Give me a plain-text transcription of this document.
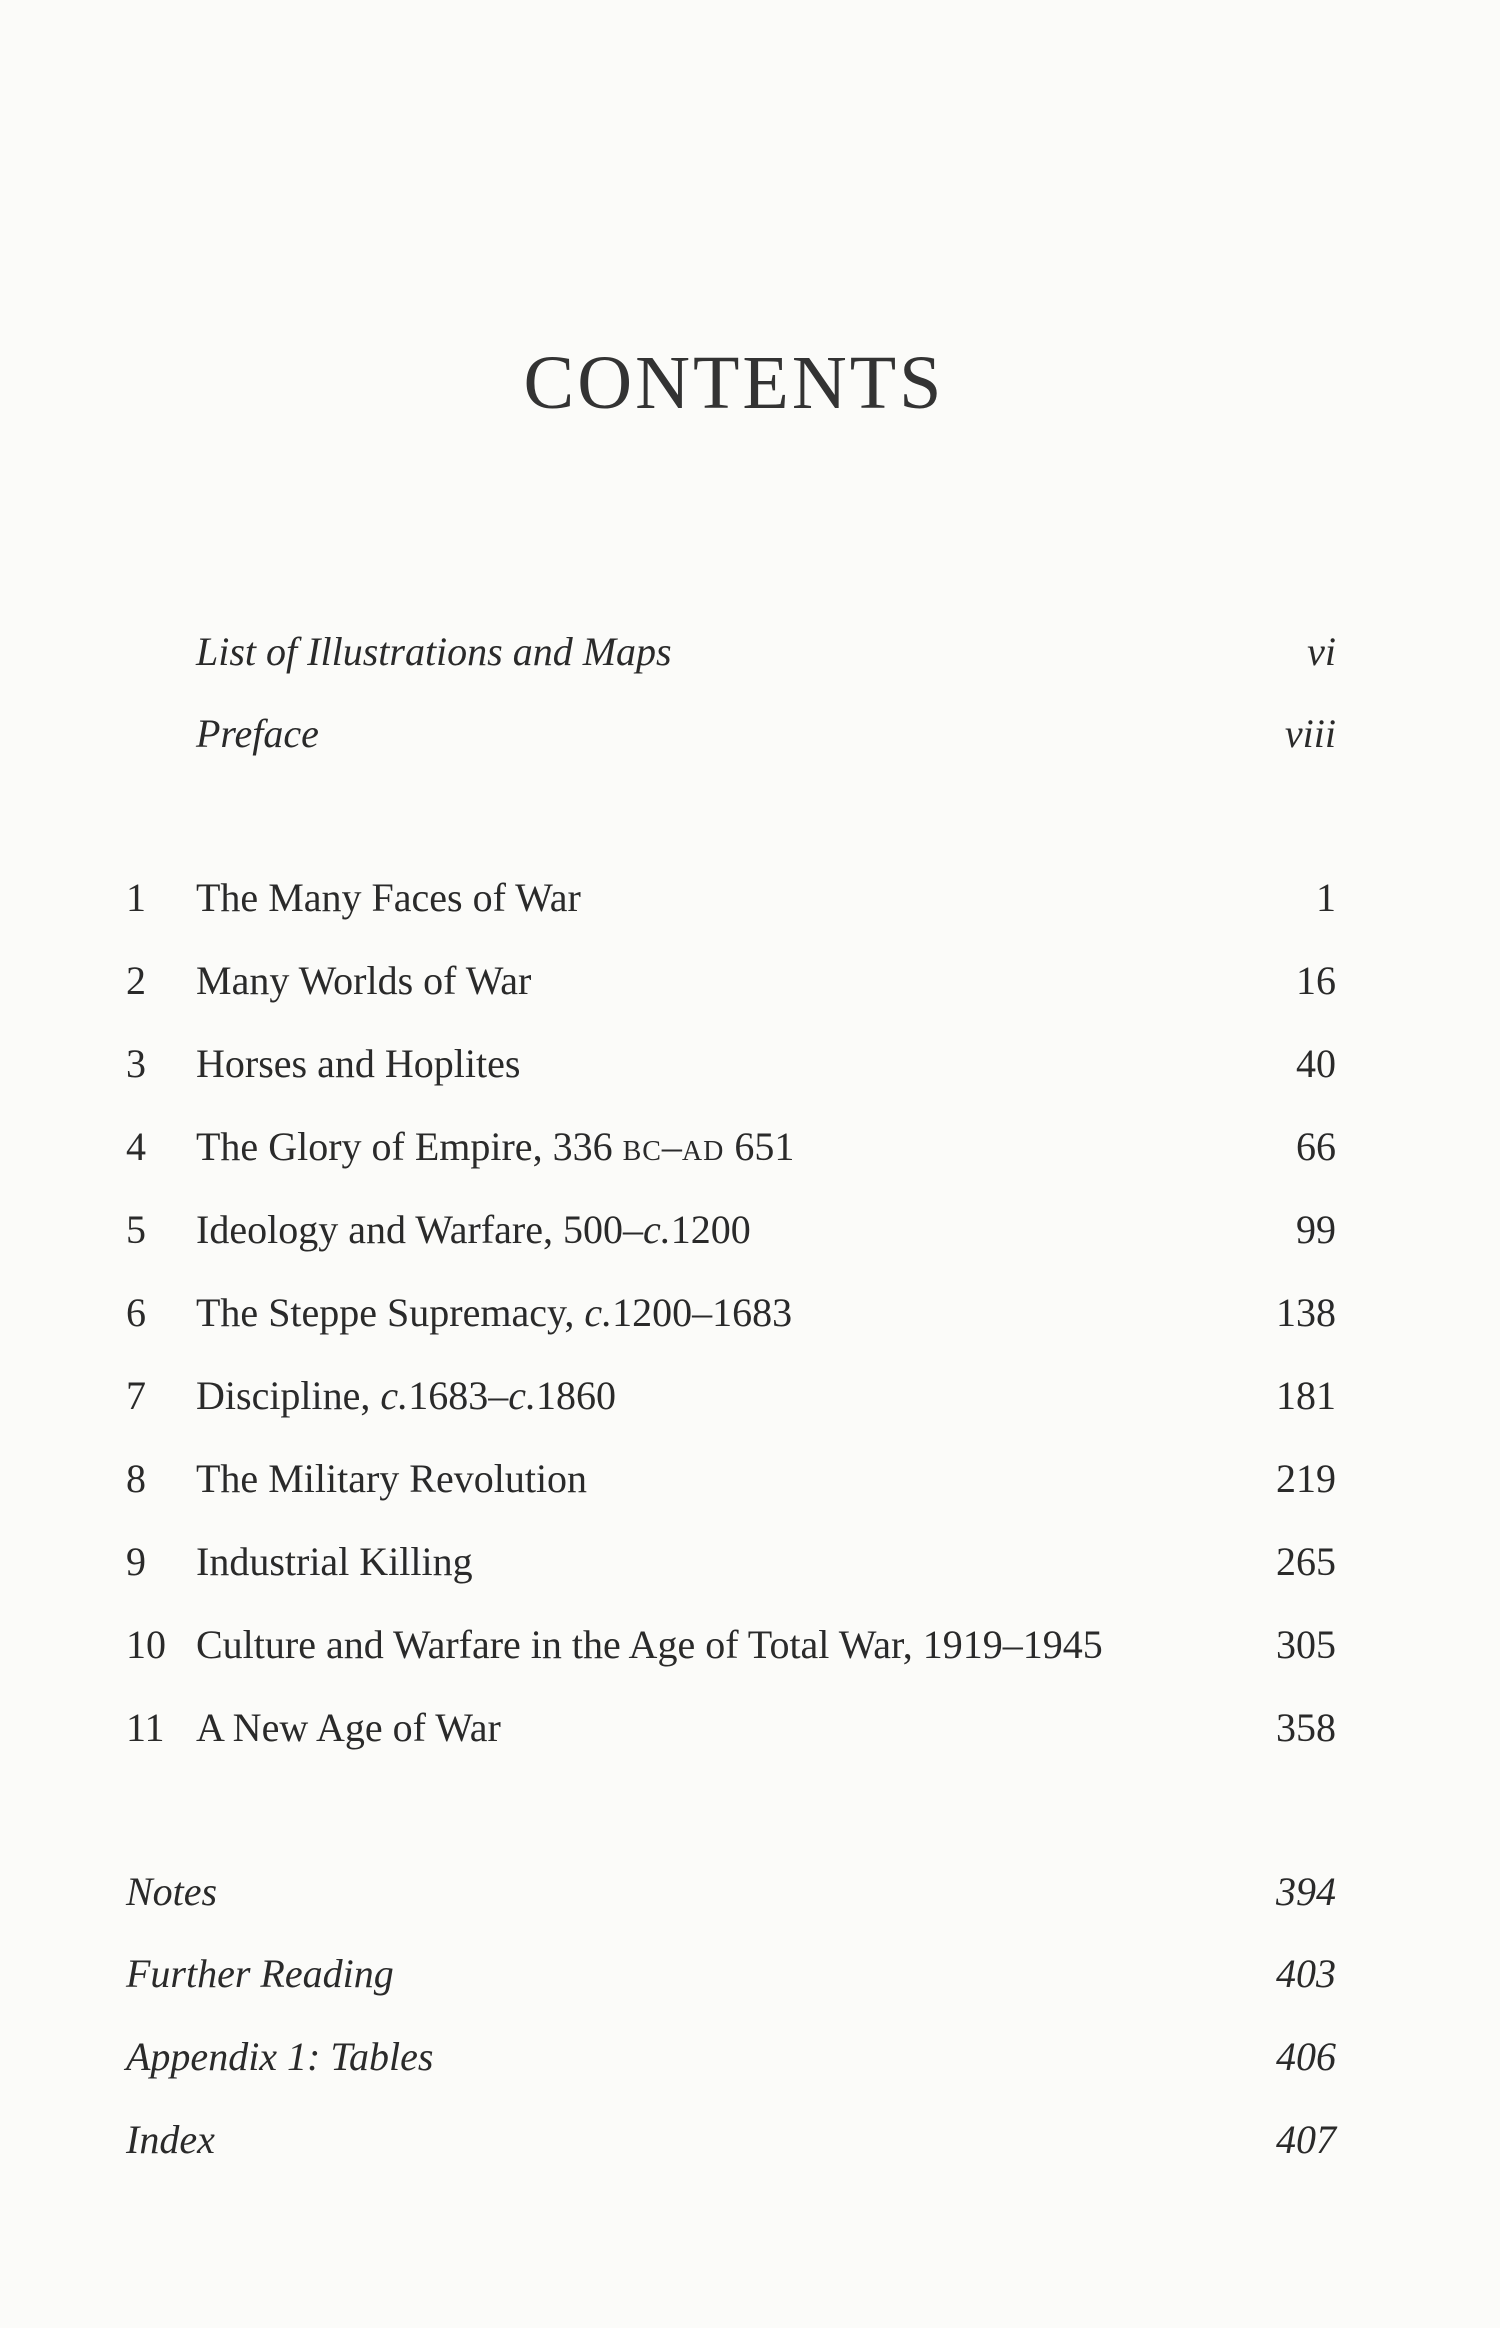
CONTENTS
List of Illustrations and Maps	vi
Preface	viii
1	The Many Faces of War	1
2	Many Worlds of War	16
3	Horses and Hoplites	40
4	The Glory of Empire, 336 BC–AD 651	66
5	Ideology and Warfare, 500–c.1200	99
6	The Steppe Supremacy, c.1200–1683	138
7	Discipline, c.1683–c.1860	181
8	The Military Revolution	219
9	Industrial Killing	265
10 Culture and Warfare in the Age of Total War, 1919–1945	305
11 A New Age of War	358
Notes	394
Further Reading	403
Appendix 1: Tables	406
Index	407
